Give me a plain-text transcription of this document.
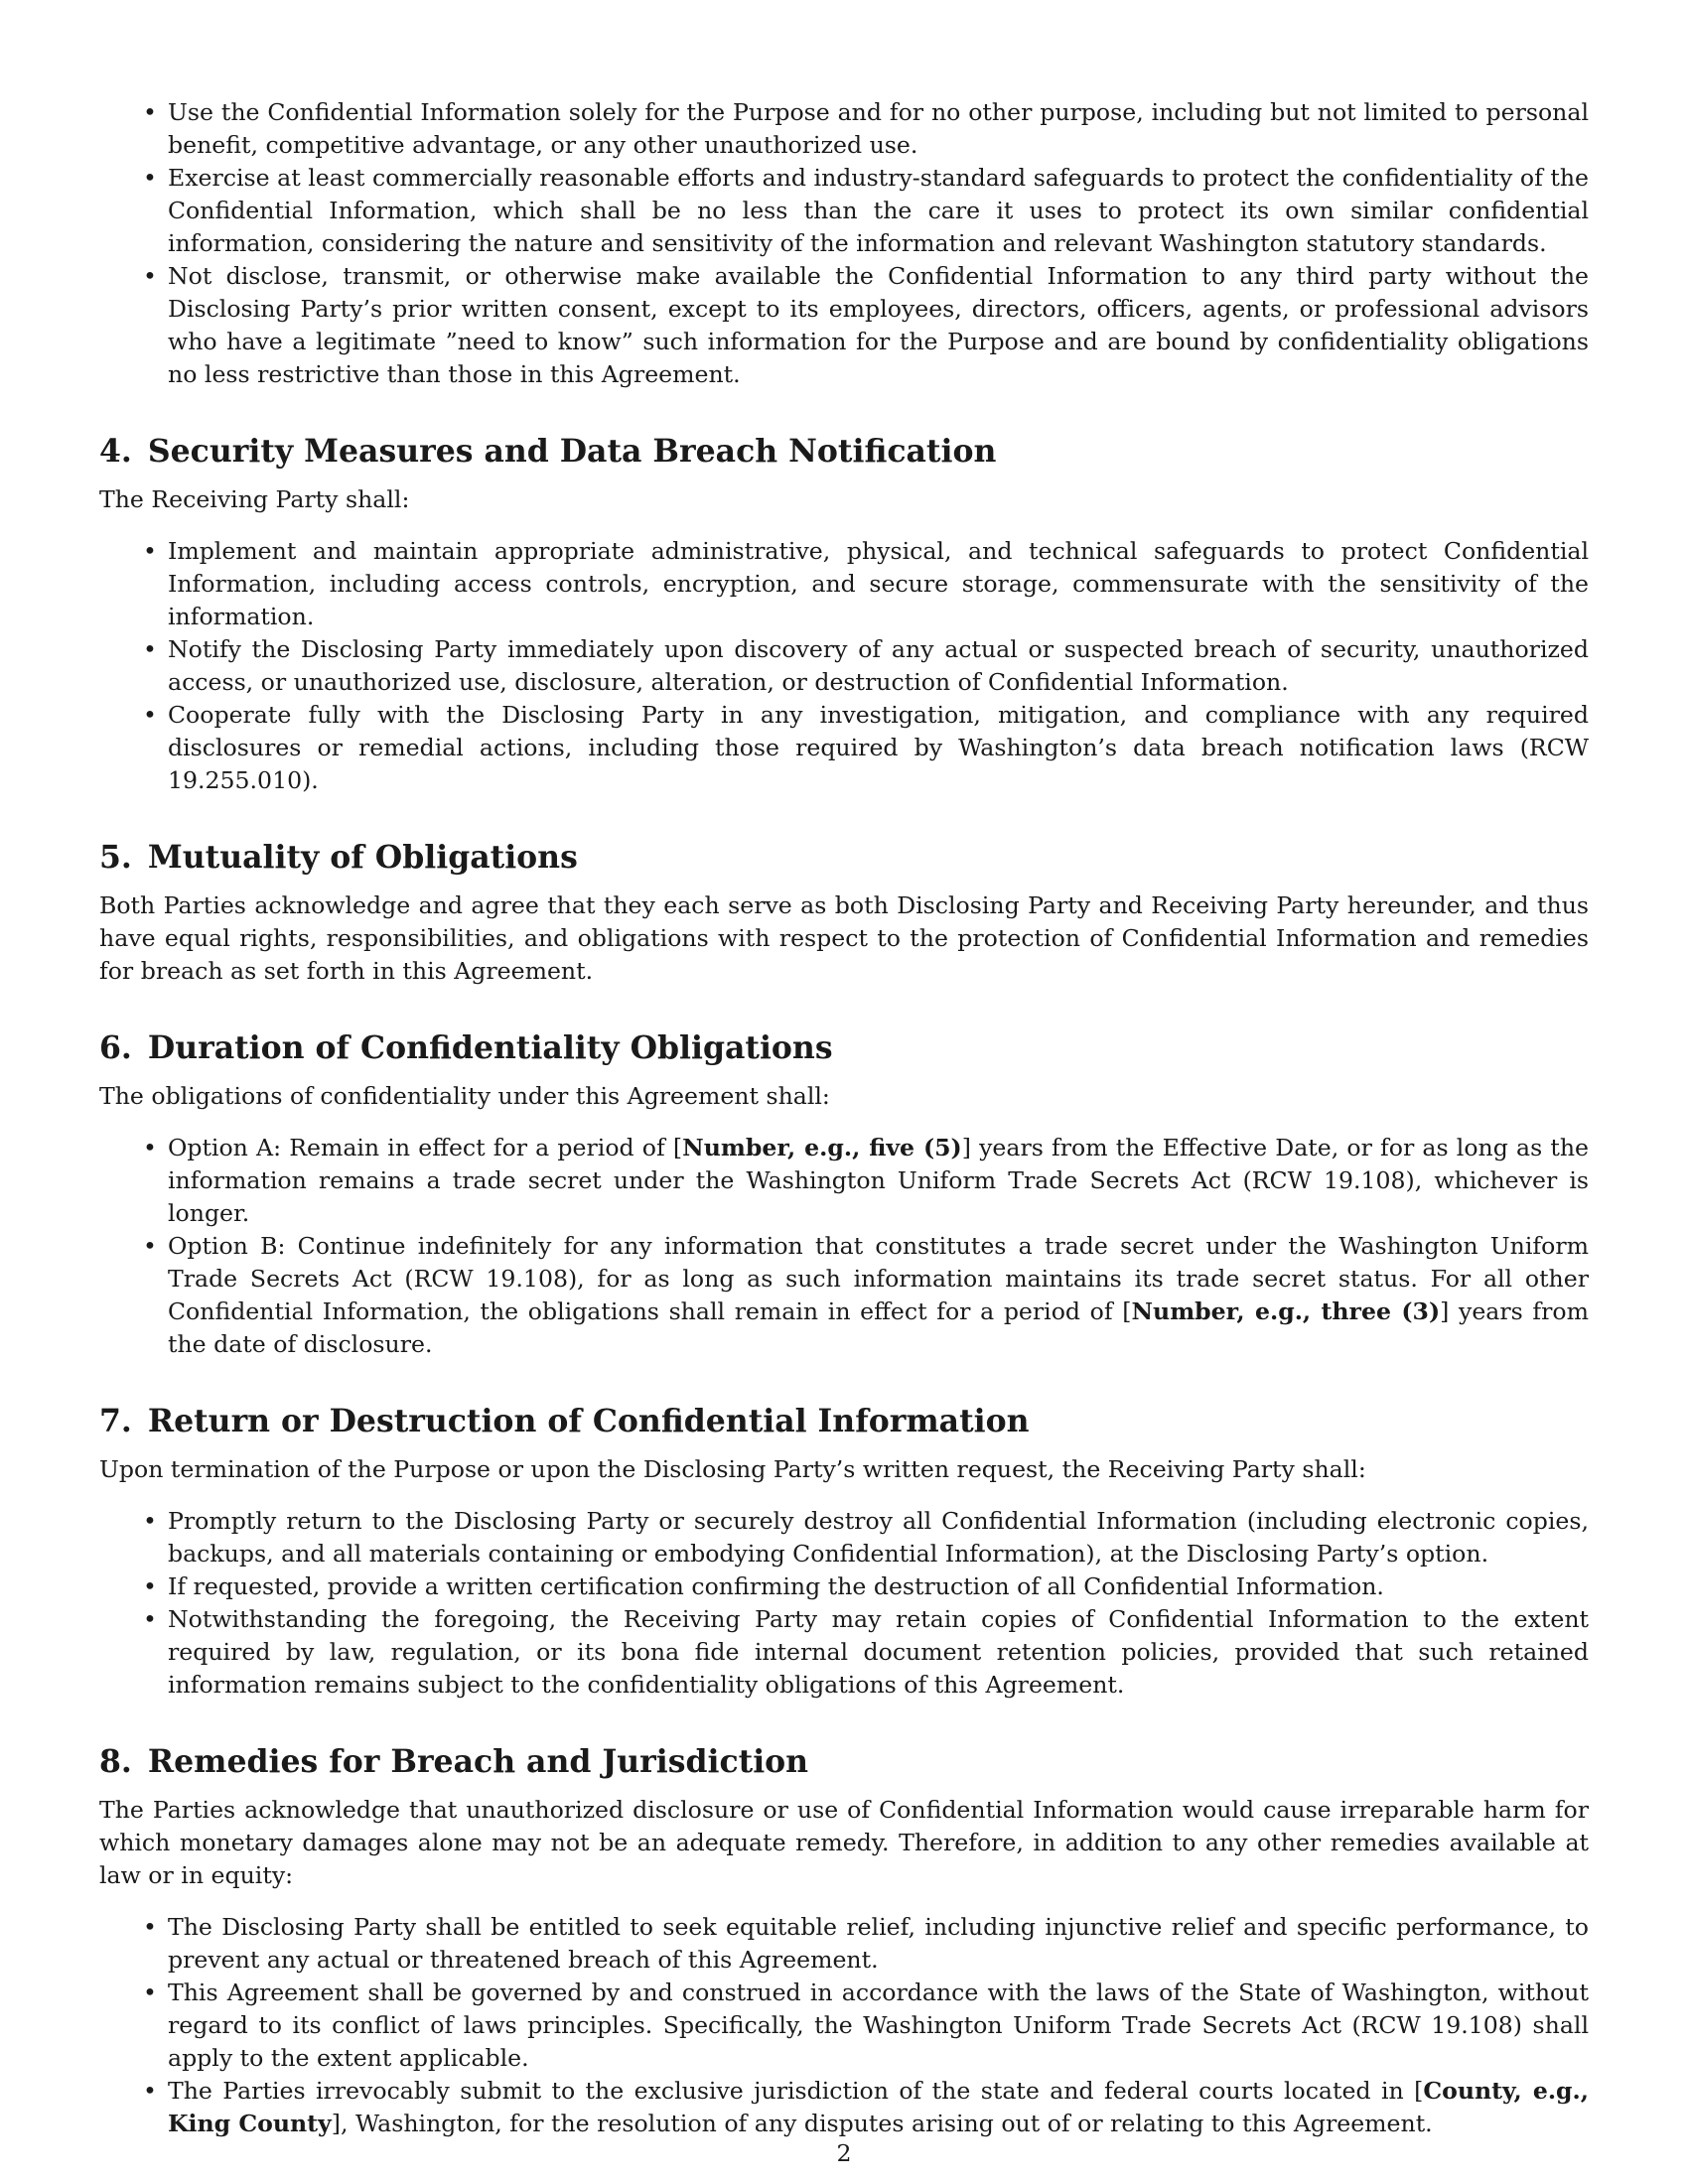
• Use the Confidential Information solely for the Purpose and for no other purpose, including but not limited to personal benefit, competitive advantage, or any other unauthorized use.
• Exercise at least commercially reasonable efforts and industry-standard safeguards to protect the confidentiality of the Confidential Information, which shall be no less than the care it uses to protect its own similar confidential information, considering the nature and sensitivity of the information and relevant Washington statutory standards.
• Not disclose, transmit, or otherwise make available the Confidential Information to any third party without the Disclosing Party’s prior written consent, except to its employees, directors, officers, agents, or professional advisors who have a legitimate ”need to know” such information for the Purpose and are bound by confidentiality obligations no less restrictive than those in this Agreement.
4. Security Measures and Data Breach Notification

The Receiving Party shall:

• Implement and maintain appropriate administrative, physical, and technical safeguards to protect Confidential Information, including access controls, encryption, and secure storage, commensurate with the sensitivity of the information.
• Notify the Disclosing Party immediately upon discovery of any actual or suspected breach of security, unauthorized access, or unauthorized use, disclosure, alteration, or destruction of Confidential Information.
• Cooperate fully with the Disclosing Party in any investigation, mitigation, and compliance with any required disclosures or remedial actions, including those required by Washington’s data breach notification laws (RCW 19.255.010).
5. Mutuality of Obligations

Both Parties acknowledge and agree that they each serve as both Disclosing Party and Receiving Party hereunder, and thus have equal rights, responsibilities, and obligations with respect to the protection of Confidential Information and remedies for breach as set forth in this Agreement.

6. Duration of Confidentiality Obligations

The obligations of confidentiality under this Agreement shall:

• Option A: Remain in effect for a period of [Number, e.g., five (5)] years from the Effective Date, or for as long as the information remains a trade secret under the Washington Uniform Trade Secrets Act (RCW 19.108), whichever is longer.
• Option B: Continue indefinitely for any information that constitutes a trade secret under the Washington Uniform Trade Secrets Act (RCW 19.108), for as long as such information maintains its trade secret status. For all other Confidential Information, the obligations shall remain in effect for a period of [Number, e.g., three (3)] years from the date of disclosure.
7. Return or Destruction of Confidential Information

Upon termination of the Purpose or upon the Disclosing Party’s written request, the Receiving Party shall:

• Promptly return to the Disclosing Party or securely destroy all Confidential Information (including electronic copies, backups, and all materials containing or embodying Confidential Information), at the Disclosing Party’s option.
• If requested, provide a written certification confirming the destruction of all Confidential Information.
• Notwithstanding the foregoing, the Receiving Party may retain copies of Confidential Information to the extent required by law, regulation, or its bona fide internal document retention policies, provided that such retained information remains subject to the confidentiality obligations of this Agreement.
8. Remedies for Breach and Jurisdiction

The Parties acknowledge that unauthorized disclosure or use of Confidential Information would cause irreparable harm for which monetary damages alone may not be an adequate remedy. Therefore, in addition to any other remedies available at law or in equity:

• The Disclosing Party shall be entitled to seek equitable relief, including injunctive relief and specific performance, to prevent any actual or threatened breach of this Agreement.
• This Agreement shall be governed by and construed in accordance with the laws of the State of Washington, without regard to its conflict of laws principles. Specifically, the Washington Uniform Trade Secrets Act (RCW 19.108) shall apply to the extent applicable.
• The Parties irrevocably submit to the exclusive jurisdiction of the state and federal courts located in [County, e.g., King County], Washington, for the resolution of any disputes arising out of or relating to this Agreement.
2
